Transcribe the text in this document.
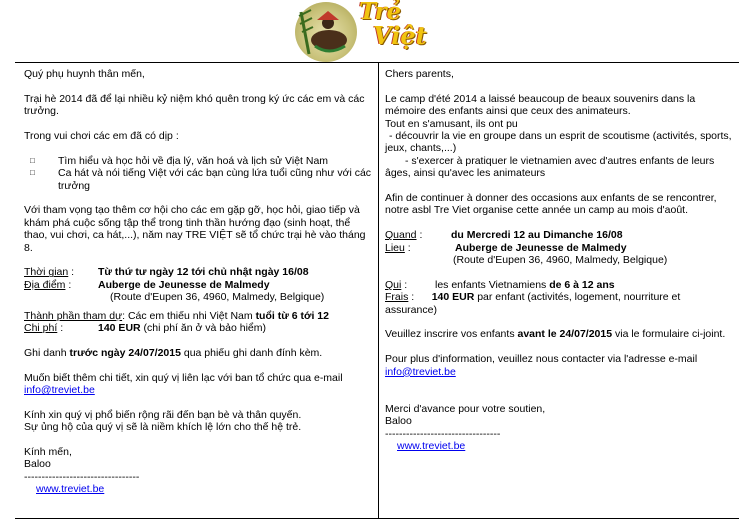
Trẻ
Việt

Quý phụ huynh thân mến,

Trại hè 2014 đã để lại nhiều kỷ niệm khó quên trong ký ức các em và các trưởng.

Trong vui chơi các em đã có dịp :

□ Tìm hiểu và học hỏi về địa lý, văn hoá và lịch sử Việt Nam
□ Ca hát và nói tiếng Việt với các bạn cùng lứa tuổi cũng như với các trưởng

Với tham vọng tạo thêm cơ hội cho các em gặp gỡ, học hỏi, giao tiếp và khám phá cuộc sống tập thể trong tinh thần hướng đạo (sinh hoạt, thể thao, vui chơi, ca hát,...), năm nay TRE VIỆT sẽ tổ chức trại hè vào tháng 8.

Thời gian :	Từ thứ tư ngày 12 tới chủ nhật ngày 16/08
Địa điểm :	Auberge de Jeunesse de Malmedy

(Route d'Eupen 36, 4960, Malmedy, Belgique)

Thành phần tham dự: Các em thiếu nhi Việt Nam tuổi từ 6 tới 12

Chi phí :	140 EUR
(chi phí ăn ở và bảo hiểm)

Ghi danh trước ngày 24/07/2015 qua phiếu ghi danh đính kèm.

Muốn biết thêm chi tiết, xin quý vị liên lạc với ban tổ chức qua e-mail

info@treviet.be

Kính xin quý vị phổ biến rộng rãi đến bạn bè và thân quyến.

Sự ủng hộ của quý vị sẽ là niềm khích lệ lớn cho thế hệ trẻ.

Kính mến,

Baloo

---------------------------------

www.treviet.be

Chers parents,

Le camp d'été 2014 a laissé beaucoup de beaux souvenirs dans la mémoire des enfants ainsi que ceux des animateurs.

Tout en s'amusant, ils ont pu

- découvrir la vie en groupe dans un esprit de scoutisme (activités, sports, jeux, chants,...)

- s'exercer à pratiquer le vietnamien avec d'autres enfants de leurs âges, ainsi qu'avec les animateurs

Afin de continuer à donner des occasions aux enfants de se rencontrer, notre asbl Tre Viet organise cette année un camp au mois d'août.

Quand :	du Mercredi 12 au Dimanche 16/08
Lieu :	Auberge de Jeunesse de Malmedy

(Route d'Eupen 36, 4960, Malmedy, Belgique)

Qui :	les enfants Vietnamiens de 6 à 12 ans

Frais :      140 EUR par enfant (activités, logement, nourriture et assurance)

Veuillez inscrire vos enfants avant le 24/07/2015 via le formulaire ci-joint.

Pour plus d'information, veuillez nous contacter via l'adresse e-mail info@treviet.be

Merci d'avance pour votre soutien,

Baloo

---------------------------------

www.treviet.be
